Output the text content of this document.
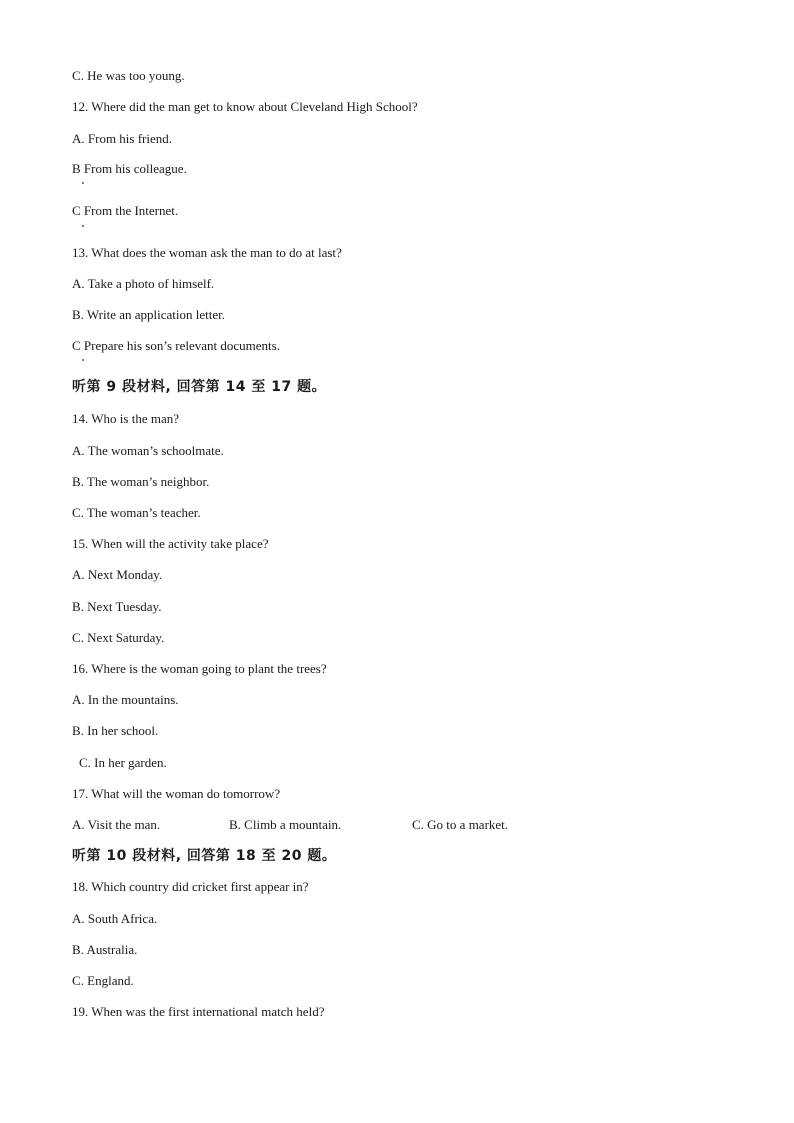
C. He was too young.
12. Where did the man get to know about Cleveland High School?
A. From his friend.
B From his colleague.
C From the Internet.
13. What does the woman ask the man to do at last?
A. Take a photo of himself.
B. Write an application letter.
C Prepare his son’s relevant documents.
听第 9 段材料, 回答第 14 至 17 题。
14. Who is the man?
A. The woman’s schoolmate.
B. The woman’s neighbor.
C. The woman’s teacher.
15. When will the activity take place?
A. Next Monday.
B. Next Tuesday.
C. Next Saturday.
16. Where is the woman going to plant the trees?
A. In the mountains.
B. In her school.
C. In her garden.
17. What will the woman do tomorrow?
A. Visit the man.	B. Climb a mountain.	C. Go to a market.
听第 10 段材料, 回答第 18 至 20 题。
18. Which country did cricket first appear in?
A. South Africa.
B. Australia.
C. England.
19. When was the first international match held?
